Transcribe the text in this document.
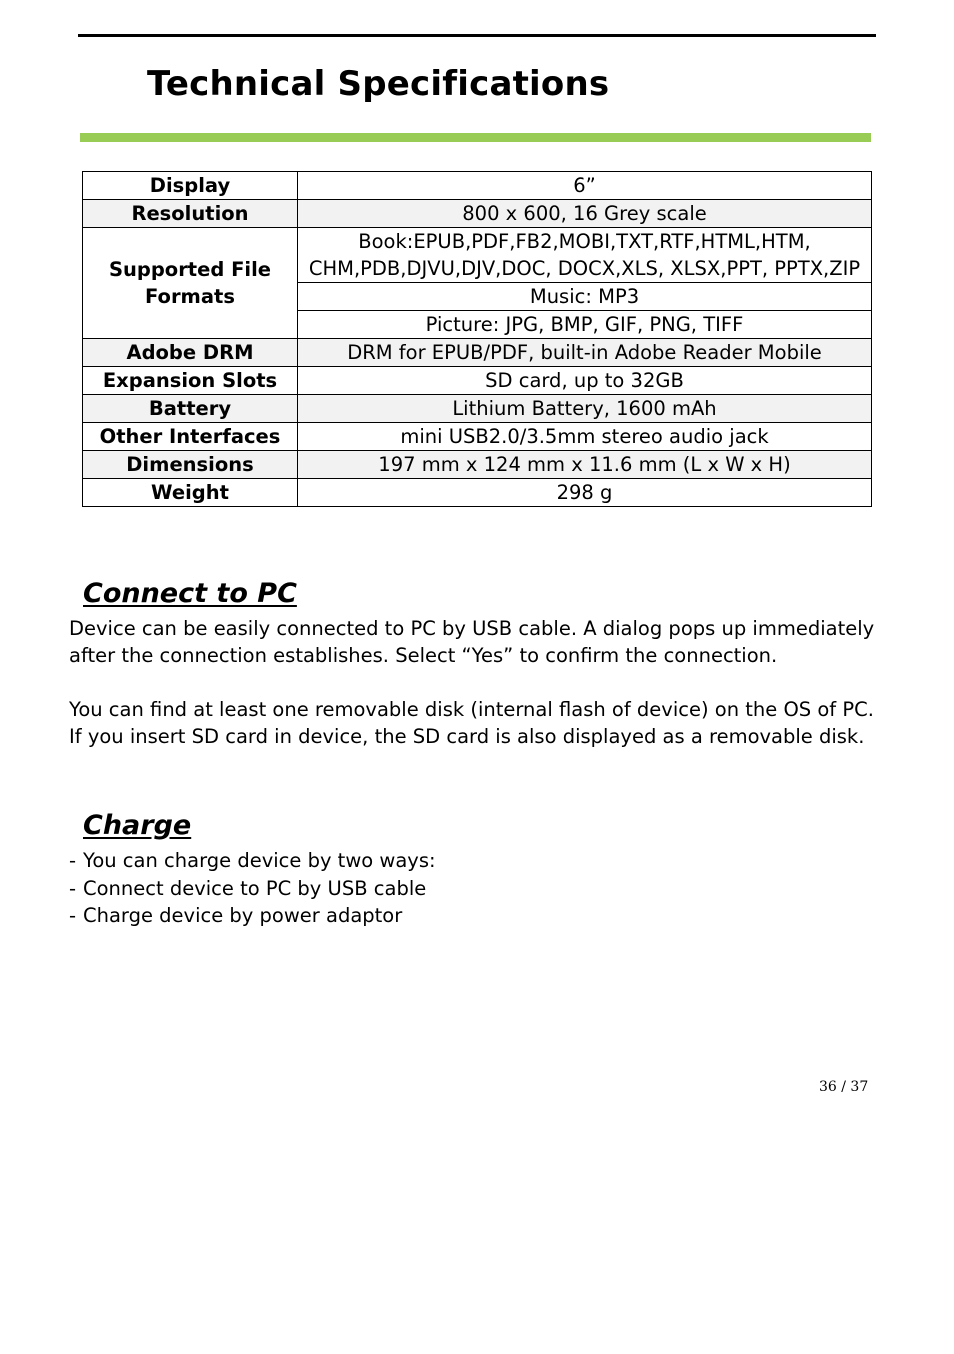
Technical Specifications
Display	6”
Resolution	800 x 600, 16 Grey scale
Supported File Formats	Book:EPUB,PDF,FB2,MOBI,TXT,RTF,HTML,HTM, CHM,PDB,DJVU,DJV,DOC, DOCX,XLS, XLSX,PPT, PPTX,ZIP
	Music: MP3
	Picture: JPG, BMP, GIF, PNG, TIFF
Adobe DRM	DRM for EPUB/PDF, built-in Adobe Reader Mobile
Expansion Slots	SD card, up to 32GB
Battery	Lithium Battery, 1600 mAh
Other Interfaces	mini USB2.0/3.5mm stereo audio jack
Dimensions	197 mm x 124 mm x 11.6 mm (L x W x H)
Weight	298 g
Connect to PC

Device can be easily connected to PC by USB cable. A dialog pops up immediately after the connection establishes. Select “Yes” to confirm the connection.

You can find at least one removable disk (internal flash of device) on the OS of PC. If you insert SD card in device, the SD card is also displayed as a removable disk.

Charge
- You can charge device by two ways:
- Connect device to PC by USB cable
- Charge device by power adaptor
36 / 37
